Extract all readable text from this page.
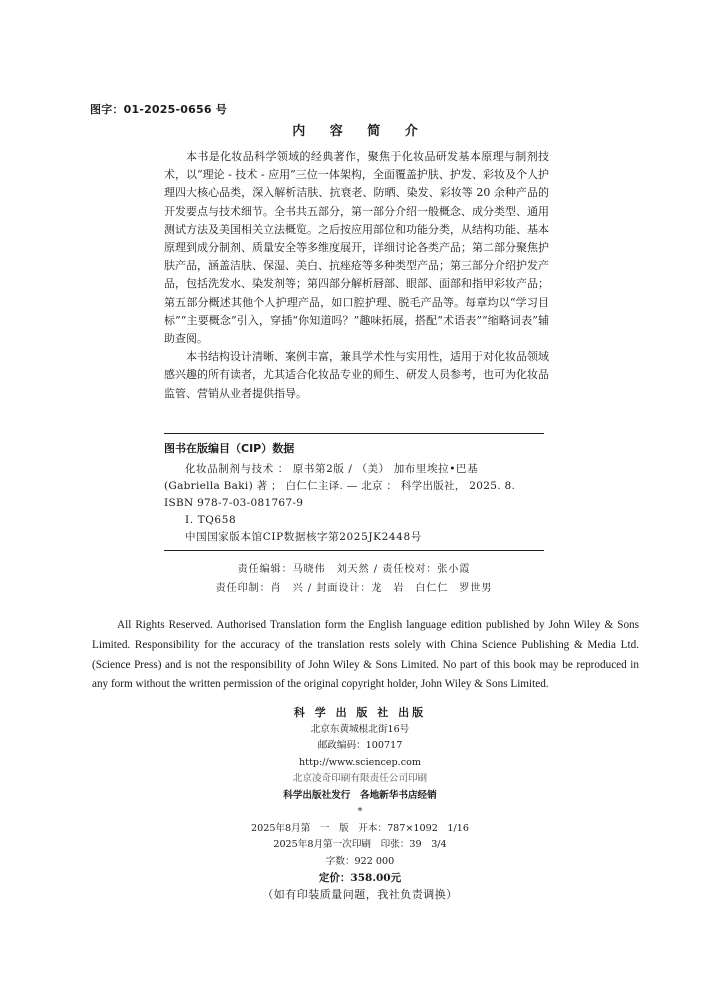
图字：01-2025-0656 号
内 容 简 介

本书是化妆品科学领域的经典著作，聚焦于化妆品研发基本原理与制剂技术，以“理论 - 技术 - 应用”三位一体架构，全面覆盖护肤、护发、彩妆及个人护理四大核心品类，深入解析洁肤、抗衰老、防晒、染发、彩妆等 20 余种产品的开发要点与技术细节。全书共五部分，第一部分介绍一般概念、成分类型、通用测试方法及美国相关立法概览。之后按应用部位和功能分类，从结构功能、基本原理到成分制剂、质量安全等多维度展开，详细讨论各类产品；第二部分聚焦护肤产品，涵盖洁肤、保湿、美白、抗痤疮等多种类型产品；第三部分介绍护发产品，包括洗发水、染发剂等；第四部分解析唇部、眼部、面部和指甲彩妆产品；第五部分概述其他个人护理产品，如口腔护理、脱毛产品等。每章均以“学习目标”“主要概念”引入，穿插“你知道吗？”趣味拓展，搭配“术语表”“缩略词表”辅助查阅。

本书结构设计清晰、案例丰富，兼具学术性与实用性，适用于对化妆品领域感兴趣的所有读者，尤其适合化妆品专业的师生、研发人员参考，也可为化妆品监管、营销从业者提供指导。

图书在版编目（CIP）数据
化妆品制剂与技术 ： 原书第2版 / （美） 加布里埃拉•巴基
(Gabriella Baki) 著 ； 白仁仁主译. — 北京 ： 科学出版社， 2025. 8.
ISBN 978-7-03-081767-9
Ⅰ. TQ658
中国国家版本馆CIP数据核字第2025JK2448号
责任编辑：马晓伟　刘天然 / 责任校对：张小霞
责任印制：肖　兴 / 封面设计：龙　岩　白仁仁　罗世男

All Rights Reserved. Authorised Translation form the English language edition published by John Wiley & Sons Limited. Responsibility for the accuracy of the translation rests solely with China Science Publishing & Media Ltd. (Science Press) and is not the responsibility of John Wiley & Sons Limited. No part of this book may be reproduced in any form without the written permission of the original copyright holder, John Wiley & Sons Limited.

科 学 出 版 社 出版
北京东黄城根北街16号
邮政编码：100717
http://www.sciencep.com
北京凌奇印刷有限责任公司印刷
科学出版社发行　各地新华书店经销
*
2025年8月第　一　版　开本：787×1092　1/16
2025年8月第一次印刷　印张：39　3/4
字数：922 000
定价：358.00元
（如有印装质量问题，我社负责调换）
